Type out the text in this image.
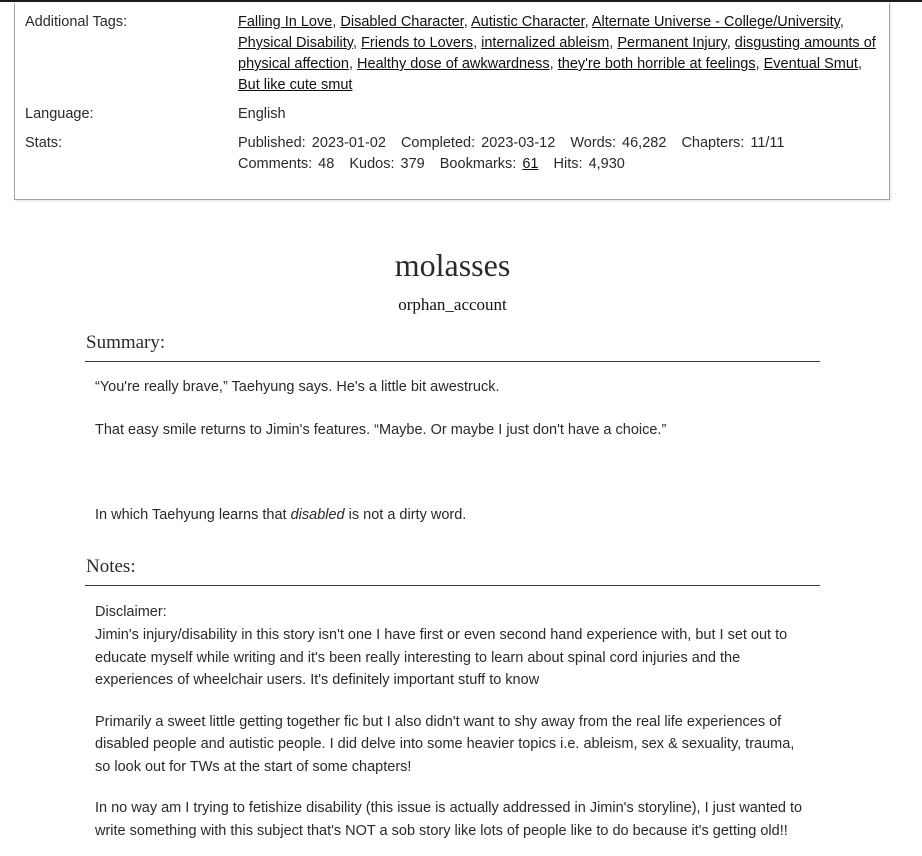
Additional Tags:	Falling In Love, Disabled Character, Autistic Character, Alternate Universe - College/University, Physical Disability, Friends to Lovers, internalized ableism, Permanent Injury, disgusting amounts of physical affection, Healthy dose of awkwardness, they're both horrible at feelings, Eventual Smut, But like cute smut
Language:	English
Stats:	Published: 2023-01-02 Completed: 2023-03-12 Words: 46,282 Chapters: 11/11 Comments: 48 Kudos: 379 Bookmarks: 61 Hits: 4,930
molasses
orphan_account
Summary:

“You're really brave,” Taehyung says. He's a little bit awestruck.

That easy smile returns to Jimin's features. “Maybe. Or maybe I just don't have a choice.”

In which Taehyung learns that disabled is not a dirty word.

Notes:

Disclaimer:
Jimin's injury/disability in this story isn't one I have first or even second hand experience with, but I set out to educate myself while writing and it's been really interesting to learn about spinal cord injuries and the experiences of wheelchair users. It's definitely important stuff to know

Primarily a sweet little getting together fic but I also didn't want to shy away from the real life experiences of disabled people and autistic people. I did delve into some heavier topics i.e. ableism, sex & sexuality, trauma, so look out for TWs at the start of some chapters!

In no way am I trying to fetishize disability (this issue is actually addressed in Jimin's storyline), I just wanted to write something with this subject that's NOT a sob story like lots of people like to do because it's getting old!!
